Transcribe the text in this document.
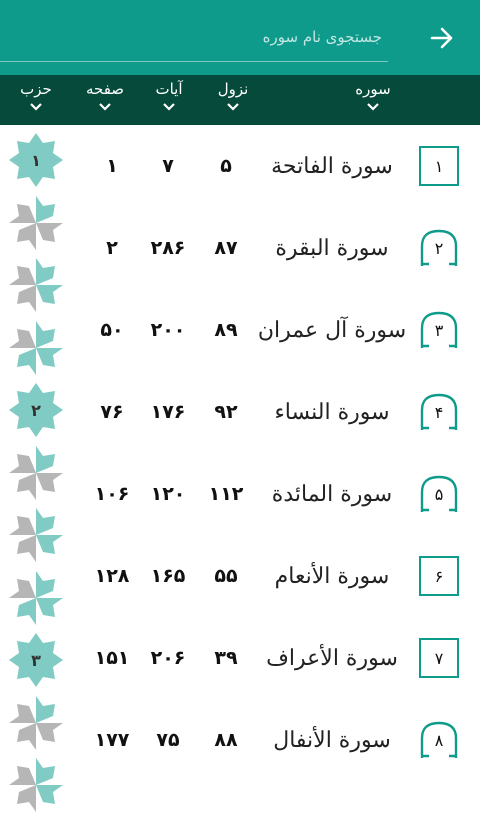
جستجوی نام سوره
سوره
نزول
آیات
صفحه
حزب
۱
سورة الفاتحة
۵
۷
۱
۲
سورة البقرة
۸۷
۲۸۶
۲
۳
سورة آل عمران
۸۹
۲۰۰
۵۰
۴
سورة النساء
۹۲
۱۷۶
۷۶
۵
سورة المائدة
۱۱۲
۱۲۰
۱۰۶
۶
سورة الأنعام
۵۵
۱۶۵
۱۲۸
۷
سورة الأعراف
۳۹
۲۰۶
۱۵۱
۸
سورة الأنفال
۸۸
۷۵
۱۷۷
۱
۲
۳
